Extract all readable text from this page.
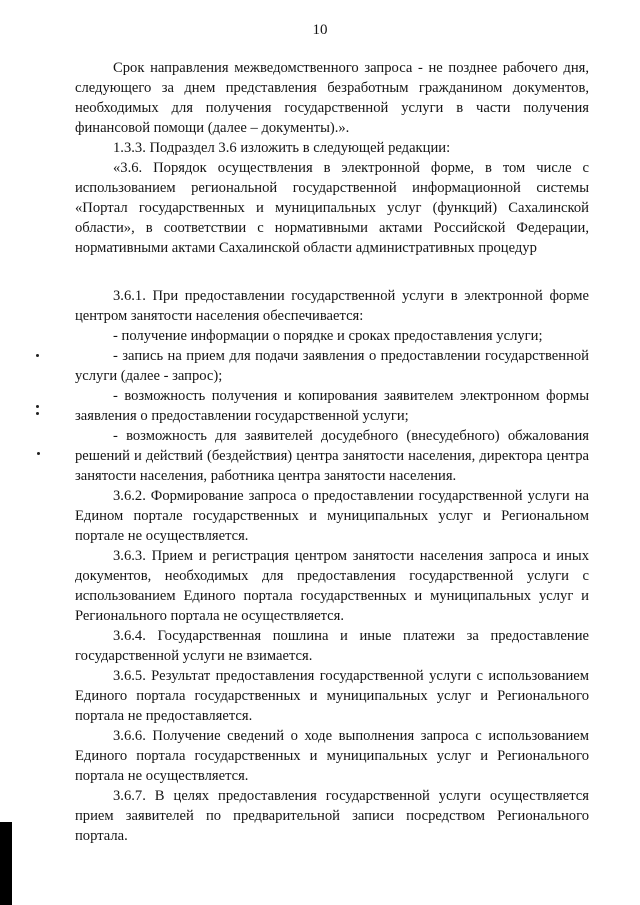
10

Срок направления межведомственного запроса - не позднее рабочего дня, следующего за днем представления безработным гражданином документов, необходимых для получения государственной услуги в части получения финансовой помощи (далее – документы).».

1.3.3. Подраздел 3.6 изложить в следующей редакции:

«3.6. Порядок осуществления в электронной форме, в том числе с использованием региональной государственной информационной системы «Портал государственных и муниципальных услуг (функций) Сахалинской области», в соответствии с нормативными актами Российской Федерации, нормативными актами Сахалинской области административных процедур

3.6.1. При предоставлении государственной услуги в электронной форме центром занятости населения обеспечивается:

- получение информации о порядке и сроках предоставления услуги;

- запись на прием для подачи заявления о предоставлении государственной услуги (далее - запрос);

- возможность получения и копирования заявителем электронном формы заявления о предоставлении государственной услуги;

- возможность для заявителей досудебного (внесудебного) обжалования решений и действий (бездействия) центра занятости населения, директора центра занятости населения, работника центра занятости населения.

3.6.2. Формирование запроса о предоставлении государственной услуги на Едином портале государственных и муниципальных услуг и Региональном портале не осуществляется.

3.6.3. Прием и регистрация центром занятости населения запроса и иных документов, необходимых для предоставления государственной услуги с использованием Единого портала государственных и муниципальных услуг и Регионального портала не осуществляется.

3.6.4. Государственная пошлина и иные платежи за предоставление государственной услуги не взимается.

3.6.5. Результат предоставления государственной услуги с использованием Единого портала государственных и муниципальных услуг и Регионального портала не предоставляется.

3.6.6. Получение сведений о ходе выполнения запроса с использованием Единого портала государственных и муниципальных услуг и Регионального портала не осуществляется.

3.6.7. В целях предоставления государственной услуги осуществляется прием заявителей по предварительной записи посредством Регионального портала.
